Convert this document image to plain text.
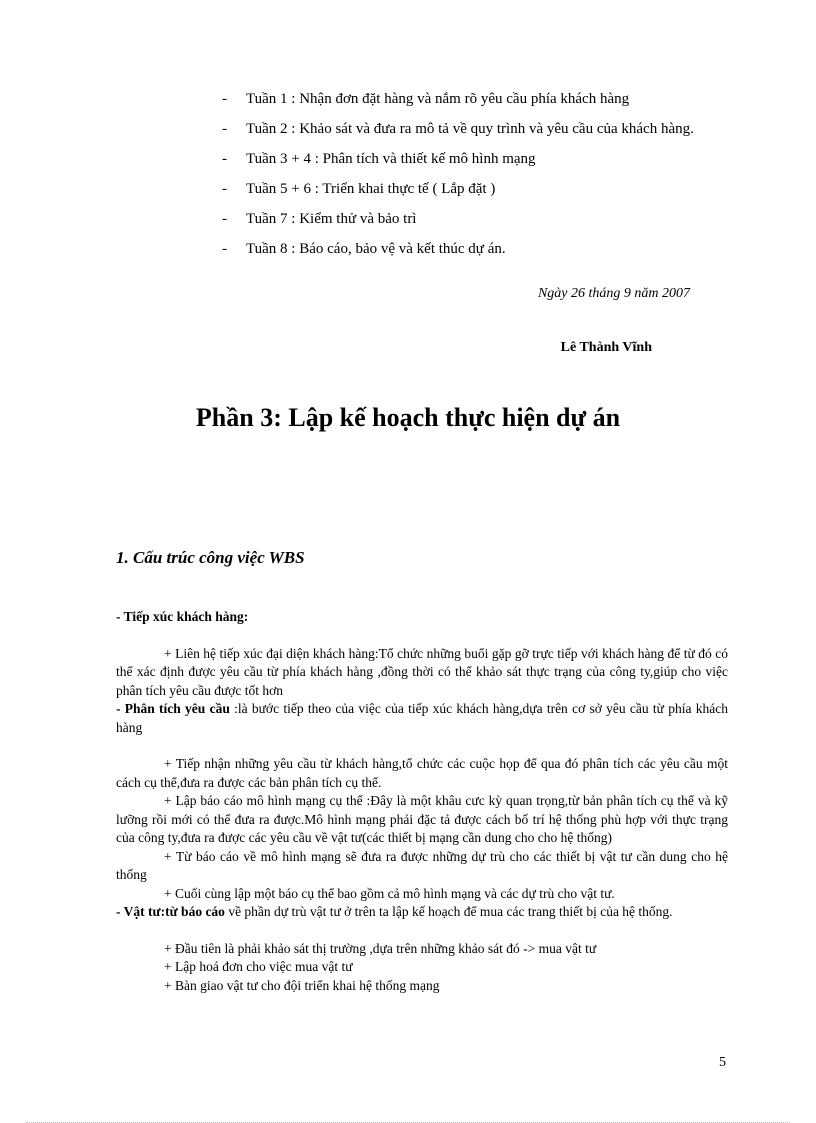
- Tuần 1 : Nhận đơn đặt hàng và nắm rõ yêu cầu phía khách hàng
- Tuần 2 : Khảo sát và đưa ra mô tả về quy trình và yêu cầu của khách hàng.
- Tuần 3 + 4 : Phân tích và thiết kế mô hình mạng
- Tuần 5 + 6 : Triển khai thực tế ( Lắp đặt )
- Tuần 7 : Kiểm thử và bảo trì
- Tuần 8 : Báo cáo, bảo vệ và kết thúc dự án.
Ngày 26 tháng 9 năm 2007
Lê Thành Vĩnh
Phần 3: Lập kế hoạch thực hiện dự án
1. Cấu trúc công việc WBS

- Tiếp xúc khách hàng:

+ Liên hệ tiếp xúc đại diện khách hàng:Tổ chức những buổi gặp gỡ trực tiếp với khách hàng để từ đó có thể xác định được yêu cầu từ phía khách hàng ,đồng thời có thể khảo sát thực trạng của công ty,giúp cho việc phân tích yêu cầu được tốt hơn

- Phân tích yêu cầu :là bước tiếp theo của việc của tiếp xúc khách hàng,dựa trên cơ sở yêu cầu từ phía khách hàng

+ Tiếp nhận những yêu cầu từ khách hàng,tổ chức các cuộc họp để qua đó phân tích các yêu cầu một cách cụ thể,đưa ra được các bản phân tích cụ thể.

+ Lập báo cáo mô hình mạng cụ thể :Đây là một khâu cưc kỳ quan trọng,từ bản phân tích cụ thể và kỹ lưỡng rồi mới có thể đưa ra được.Mô hình mạng phải đặc tả được cách bố trí hệ thống phù hợp với thực trạng của công ty,đưa ra được các yêu cầu về vật tư(các thiết bị mạng cần dung cho cho hệ thống)

+ Từ báo cáo về mô hình mạng sẽ đưa ra được những dự trù cho các thiết bị vật tư cần dung cho hệ thống

+ Cuối cùng lập một báo cụ thể bao gồm cả mô hình mạng và các dự trù cho vật tư.

- Vật tư:từ báo cáo về phần dự trù vật tư ở trên ta lập kế hoạch để mua các trang thiết bị của hệ thống.

+ Đầu tiên là phải khảo sát thị trường ,dựa trên những khảo sát đó -> mua vật tư

+ Lập hoá đơn cho việc mua vật tư

+ Bàn giao vật tư cho đội triển khai hệ thống mạng

5
